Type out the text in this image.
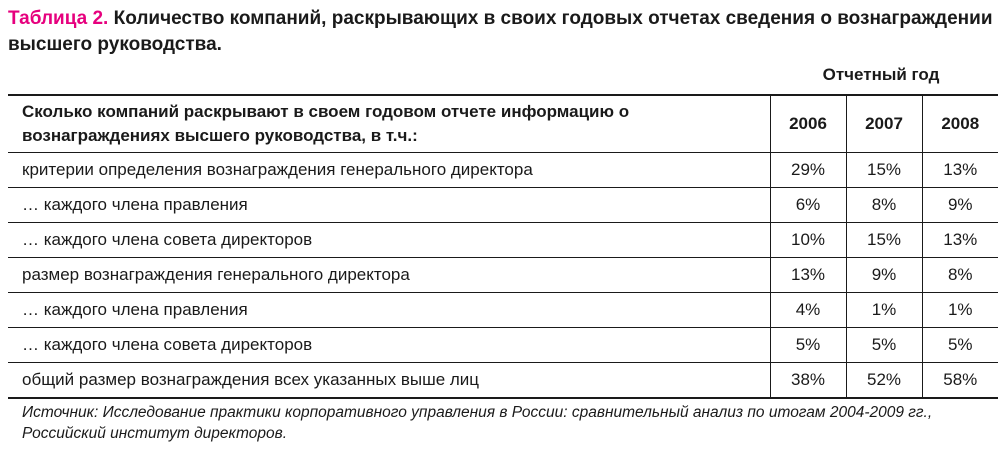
Таблица 2. Количество компаний, раскрывающих в своих годовых отчетах сведения о вознаграждении высшего руководства.
Отчетный год
Сколько компаний раскрывают в своем годовом отчете информацию о вознаграждениях высшего руководства, в т.ч.:	2006	2007	2008
критерии определения вознаграждения генерального директора	29%	15%	13%
… каждого члена правления	6%	8%	9%
… каждого члена совета директоров	10%	15%	13%
размер вознаграждения генерального директора	13%	9%	8%
… каждого члена правления	4%	1%	1%
… каждого члена совета директоров	5%	5%	5%
общий размер вознаграждения всех указанных выше лиц	38%	52%	58%
Источник: Исследование практики корпоративного управления в России: сравнительный анализ по итогам 2004-2009 гг., Российский институт директоров.
